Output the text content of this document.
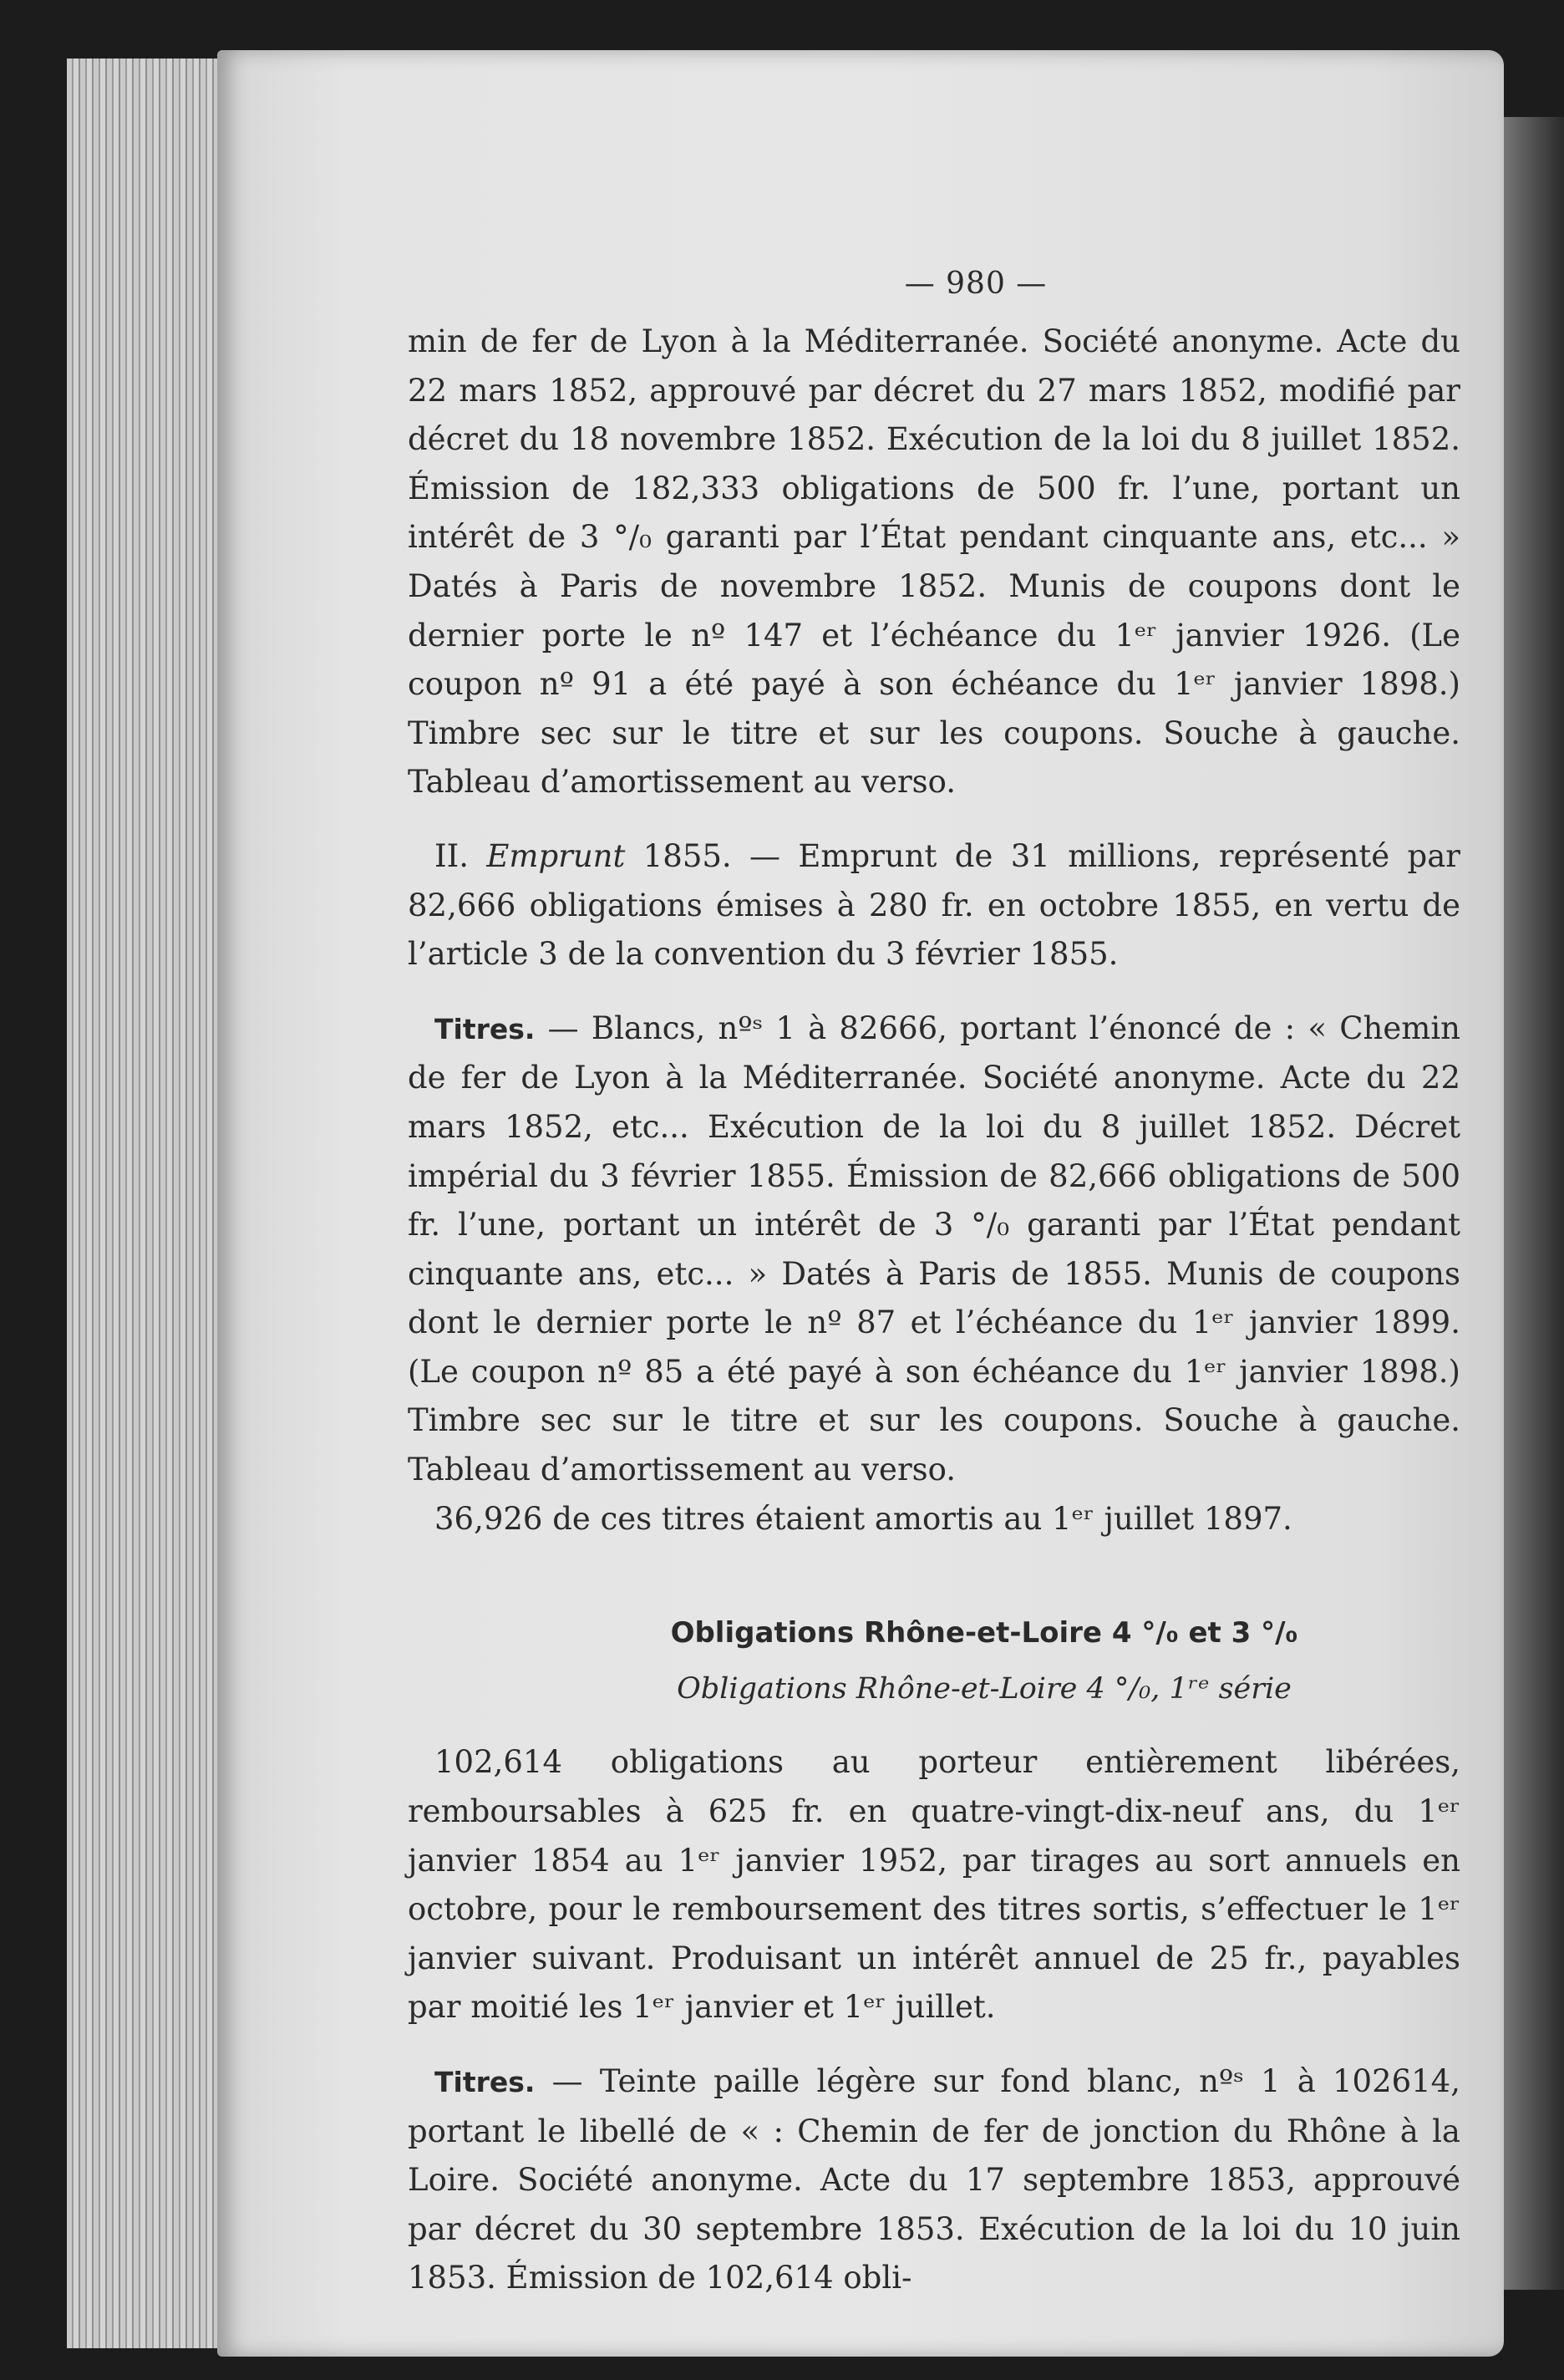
— 980 —

min de fer de Lyon à la Méditerranée. Société anonyme. Acte du 22 mars 1852, approuvé par décret du 27 mars 1852, modifié par décret du 18 novembre 1852. Exécution de la loi du 8 juillet 1852. Émission de 182,333 obligations de 500 fr. l’une, portant un intérêt de 3 °/₀ garanti par l’État pendant cinquante ans, etc... » Datés à Paris de novembre 1852. Munis de coupons dont le dernier porte le nº 147 et l’échéance du 1ᵉʳ janvier 1926. (Le coupon nº 91 a été payé à son échéance du 1ᵉʳ janvier 1898.) Timbre sec sur le titre et sur les coupons. Souche à gauche. Tableau d’amortissement au verso.

II. Emprunt 1855. — Emprunt de 31 millions, représenté par 82,666 obligations émises à 280 fr. en octobre 1855, en vertu de l’article 3 de la convention du 3 février 1855.

Titres. — Blancs, nºˢ 1 à 82666, portant l’énoncé de : « Chemin de fer de Lyon à la Méditerranée. Société anonyme. Acte du 22 mars 1852, etc... Exécution de la loi du 8 juillet 1852. Décret impérial du 3 février 1855. Émission de 82,666 obligations de 500 fr. l’une, portant un intérêt de 3 °/₀ garanti par l’État pendant cinquante ans, etc... » Datés à Paris de 1855. Munis de coupons dont le dernier porte le nº 87 et l’échéance du 1ᵉʳ janvier 1899. (Le coupon nº 85 a été payé à son échéance du 1ᵉʳ janvier 1898.) Timbre sec sur le titre et sur les coupons. Souche à gauche. Tableau d’amortissement au verso.

36,926 de ces titres étaient amortis au 1ᵉʳ juillet 1897.

Obligations Rhône-et-Loire 4 °/₀ et 3 °/₀
Obligations Rhône-et-Loire 4 °/₀, 1ʳᵉ série

102,614 obligations au porteur entièrement libérées, remboursables à 625 fr. en quatre-vingt-dix-neuf ans, du 1ᵉʳ janvier 1854 au 1ᵉʳ janvier 1952, par tirages au sort annuels en octobre, pour le remboursement des titres sortis, s’effectuer le 1ᵉʳ janvier suivant. Produisant un intérêt annuel de 25 fr., payables par moitié les 1ᵉʳ janvier et 1ᵉʳ juillet.

Titres. — Teinte paille légère sur fond blanc, nºˢ 1 à 102614, portant le libellé de « : Chemin de fer de jonction du Rhône à la Loire. Société anonyme. Acte du 17 septembre 1853, approuvé par décret du 30 septembre 1853. Exécution de la loi du 10 juin 1853. Émission de 102,614 obli-
